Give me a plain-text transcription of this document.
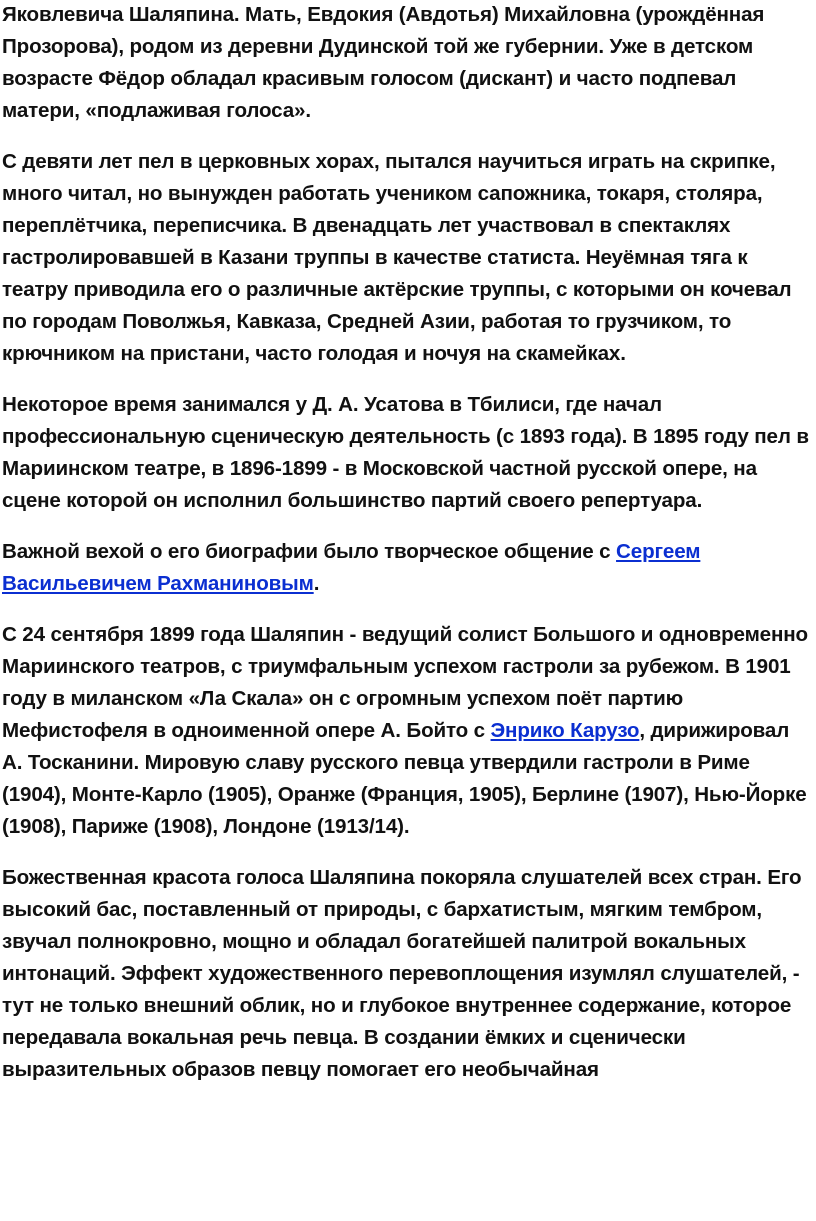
Яковлевича Шаляпина. Мать, Евдокия (Авдотья) Михайловна (урождённая Прозорова), родом из деревни Дудинской той же губернии. Уже в детском возрасте Фёдор обладал красивым голосом (дискант) и часто подпевал матери, «подлаживая голоса».

С девяти лет пел в церковных хорах, пытался научиться играть на скрипке, много читал, но вынужден работать учеником сапожника, токаря, столяра, переплётчика, переписчика. В двенадцать лет участвовал в спектаклях гастролировавшей в Казани труппы в качестве статиста. Неуёмная тяга к театру приводила его о различные актёрские труппы, с которыми он кочевал по городам Поволжья, Кавказа, Средней Азии, работая то грузчиком, то крючником на пристани, часто голодая и ночуя на скамейках.

Некоторое время занимался у Д. А. Усатова в Тбилиси, где начал профессиональную сценическую деятельность (с 1893 года). В 1895 году пел в Мариинском театре, в 1896-1899 - в Московской частной русской опере, на сцене которой он исполнил большинство партий своего репертуара.

Важной вехой о его биографии было творческое общение с Сергеем Васильевичем Рахманиновым.

С 24 сентября 1899 года Шаляпин - ведущий солист Большого и одновременно Мариинского театров, с триумфальным успехом гастроли за рубежом. В 1901 году в миланском «Ла Скала» он с огромным успехом поёт партию Мефистофеля в одноименной опере А. Бойто с Энрико Карузо, дирижировал А. Тосканини. Мировую славу русского певца утвердили гастроли в Риме (1904), Монте-Карло (1905), Оранже (Франция, 1905), Берлине (1907), Нью-Йорке (1908), Париже (1908), Лондоне (1913/14).

Божественная красота голоса Шаляпина покоряла слушателей всех стран. Его высокий бас, поставленный от природы, с бархатистым, мягким тембром, звучал полнокровно, мощно и обладал богатейшей палитрой вокальных интонаций. Эффект художественного перевоплощения изумлял слушателей, - тут не только внешний облик, но и глубокое внутреннее содержание, которое передавала вокальная речь певца. В создании ёмких и сценически выразительных образов певцу помогает его необычайная
